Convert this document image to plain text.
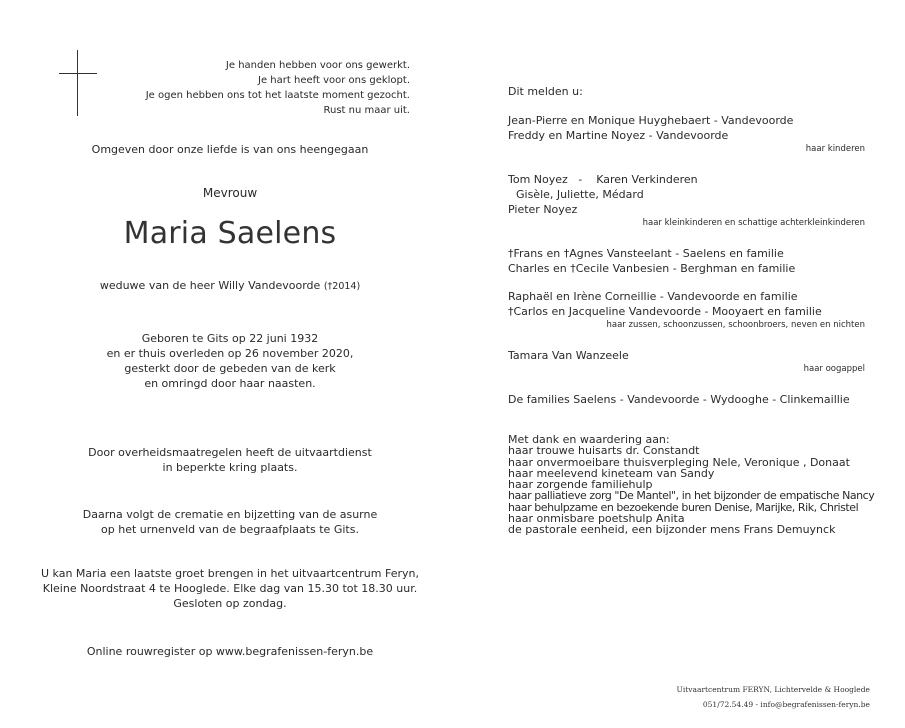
Je handen hebben voor ons gewerkt.
Je hart heeft voor ons geklopt.
Je ogen hebben ons tot het laatste moment gezocht.
Rust nu maar uit.
Omgeven door onze liefde is van ons heengegaan
Mevrouw
Maria Saelens
weduwe van de heer Willy Vandevoorde (†2014)
Geboren te Gits op 22 juni 1932
en er thuis overleden op 26 november 2020,
gesterkt door de gebeden van de kerk
en omringd door haar naasten.
Door overheidsmaatregelen heeft de uitvaartdienst
in beperkte kring plaats.
Daarna volgt de crematie en bijzetting van de asurne
op het urnenveld van de begraafplaats te Gits.
U kan Maria een laatste groet brengen in het uitvaartcentrum Feryn,
Kleine Noordstraat 4 te Hooglede. Elke dag van 15.30 tot 18.30 uur.
Gesloten op zondag.
Online rouwregister op www.begrafenissen-feryn.be
Dit melden u:
Jean-Pierre en Monique Huyghebaert - Vandevoorde
Freddy en Martine Noyez - Vandevoorde
haar kinderen
Tom Noyez   -    Karen Verkinderen
Gisèle, Juliette, Médard
Pieter Noyez
haar kleinkinderen en schattige achterkleinkinderen
†Frans en †Agnes Vansteelant - Saelens en familie
Charles en †Cecile Vanbesien - Berghman en familie
Raphaël en Irène Corneillie - Vandevoorde en familie
†Carlos en Jacqueline Vandevoorde - Mooyaert en familie
haar zussen, schoonzussen, schoonbroers, neven en nichten
Tamara Van Wanzeele
haar oogappel
De families Saelens - Vandevoorde - Wydooghe - Clinkemaillie
Met dank en waardering aan:
haar trouwe huisarts dr. Constandt
haar onvermoeibare thuisverpleging Nele, Veronique , Donaat
haar meelevend kineteam van Sandy
haar zorgende familiehulp
haar palliatieve zorg "De Mantel", in het bijzonder de empatische Nancy
haar behulpzame en bezoekende buren Denise, Marijke, Rik, Christel
haar onmisbare poetshulp Anita
de pastorale eenheid, een bijzonder mens Frans Demuynck
Uitvaartcentrum FERYN, Lichtervelde & Hooglede
051/72.54.49 - info@begrafenissen-feryn.be
